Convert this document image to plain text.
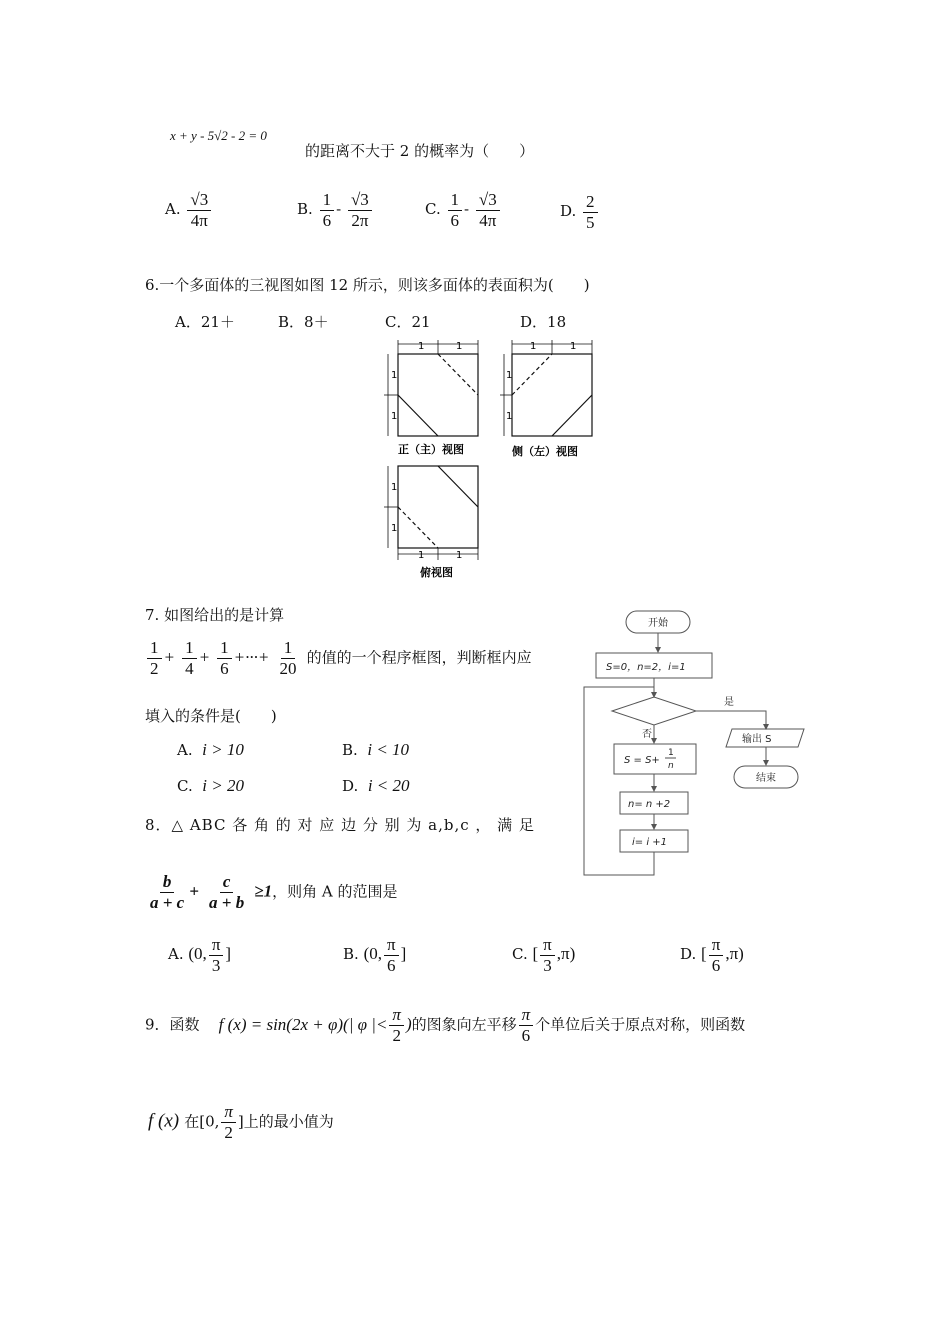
x + y - 5√2 - 2 = 0
的距离不大于 2 的概率为（　　）
A. $\frac{√3}{4\pi}$	B. $\frac{1}{6} - \frac{√3}{2\pi}$	C. $\frac{1}{6} - \frac{√3}{4\pi}$	D. $\frac{2}{5}$
6.一个多面体的三视图如图 12 所示，则该多面体的表面积为(　　)
A．21＋	B．8＋	C．21	D．18
1	1
1
1
正（主）视图
1	1
1
1
侧（左）视图
1
1
1	1
俯视图
7. 如图给出的是计算
$\frac{1}{2} + \frac{1}{4} + \frac{1}{6}$ +···+ $\frac{1}{20}$ 的值的一个程序框图，判断框内应
填入的条件是(　　)
A. i > 10	B. i < 10
C. i > 20	D. i < 20
开始
S=0，n=2，i=1
是
否
S = S+
1
n
输出 S
结束
n= n +2
i= i +1
8．△ ABC 各 角 的 对 应 边 分 别 为 a,b,c ， 满 足
$\frac{b}{a + c} + \frac{c}{a + b} \ge 1$，则角 A 的范围是
A. (0, $\frac{\pi}{3}$ ]	B. (0, $\frac{\pi}{6}$ ]	C. [ $\frac{\pi}{3} ,\pi$)	D. [ $\frac{\pi}{6} ,\pi$)
9．函数 f (x) = sin(2x + φ)(| φ |< $\frac{\pi}{2}$ )的图象向左平移 $\frac{\pi}{6}$ 个单位后关于原点对称，则函数
f (x) 在[0, $\frac{\pi}{2}$ ]上的最小值为
